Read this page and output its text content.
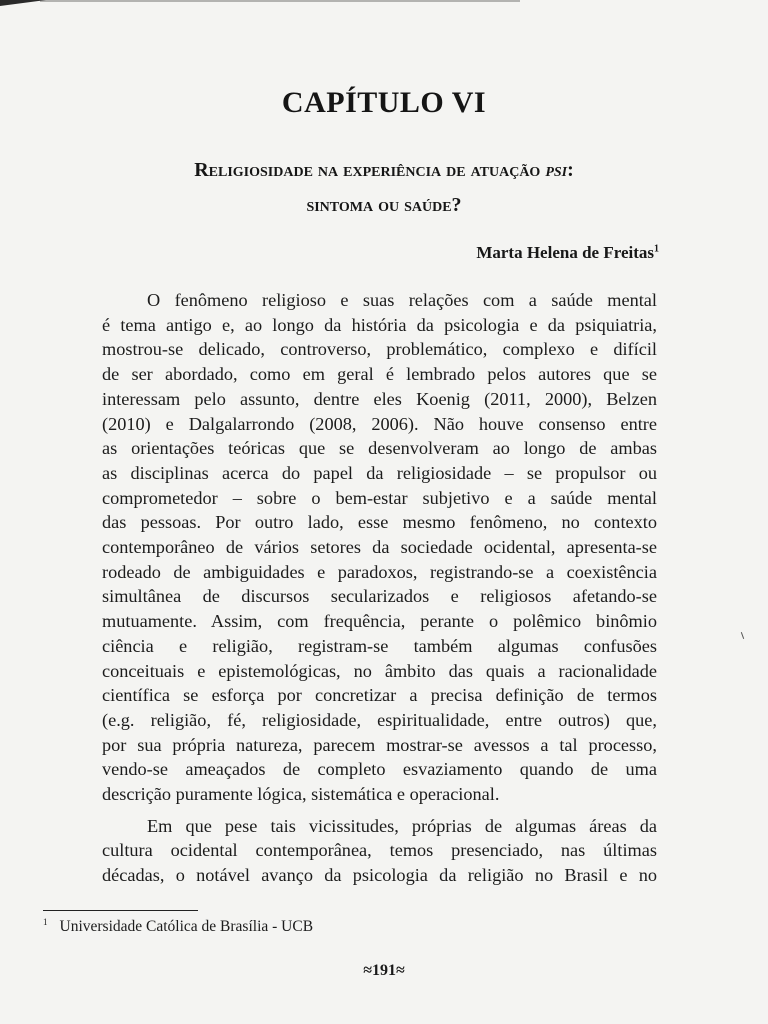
CAPÍTULO VI
Religiosidade na experiência de atuação psi:
sintoma ou saúde?
Marta Helena de Freitas$^1$
O fenômeno religioso e suas relações com a saúde mental
é tema antigo e, ao longo da história da psicologia e da psiquiatria,
mostrou-se delicado, controverso, problemático, complexo e difícil
de ser abordado, como em geral é lembrado pelos autores que se
interessam pelo assunto, dentre eles Koenig (2011, 2000), Belzen
(2010) e Dalgalarrondo (2008, 2006). Não houve consenso entre
as orientações teóricas que se desenvolveram ao longo de ambas
as disciplinas acerca do papel da religiosidade – se propulsor ou
comprometedor – sobre o bem-estar subjetivo e a saúde mental
das pessoas. Por outro lado, esse mesmo fenômeno, no contexto
contemporâneo de vários setores da sociedade ocidental, apresenta-se
rodeado de ambiguidades e paradoxos, registrando-se a coexistência
simultânea de discursos secularizados e religiosos afetando-se
mutuamente. Assim, com frequência, perante o polêmico binômio
ciência e religião, registram-se também algumas confusões
conceituais e epistemológicas, no âmbito das quais a racionalidade
científica se esforça por concretizar a precisa definição de termos
(e.g. religião, fé, religiosidade, espiritualidade, entre outros) que,
por sua própria natureza, parecem mostrar-se avessos a tal processo,
vendo-se ameaçados de completo esvaziamento quando de uma
descrição puramente lógica, sistemática e operacional.
Em que pese tais vicissitudes, próprias de algumas áreas da
cultura ocidental contemporânea, temos presenciado, nas últimas
décadas, o notável avanço da psicologia da religião no Brasil e no
$^1$ Universidade Católica de Brasília - UCB
≈191≈
